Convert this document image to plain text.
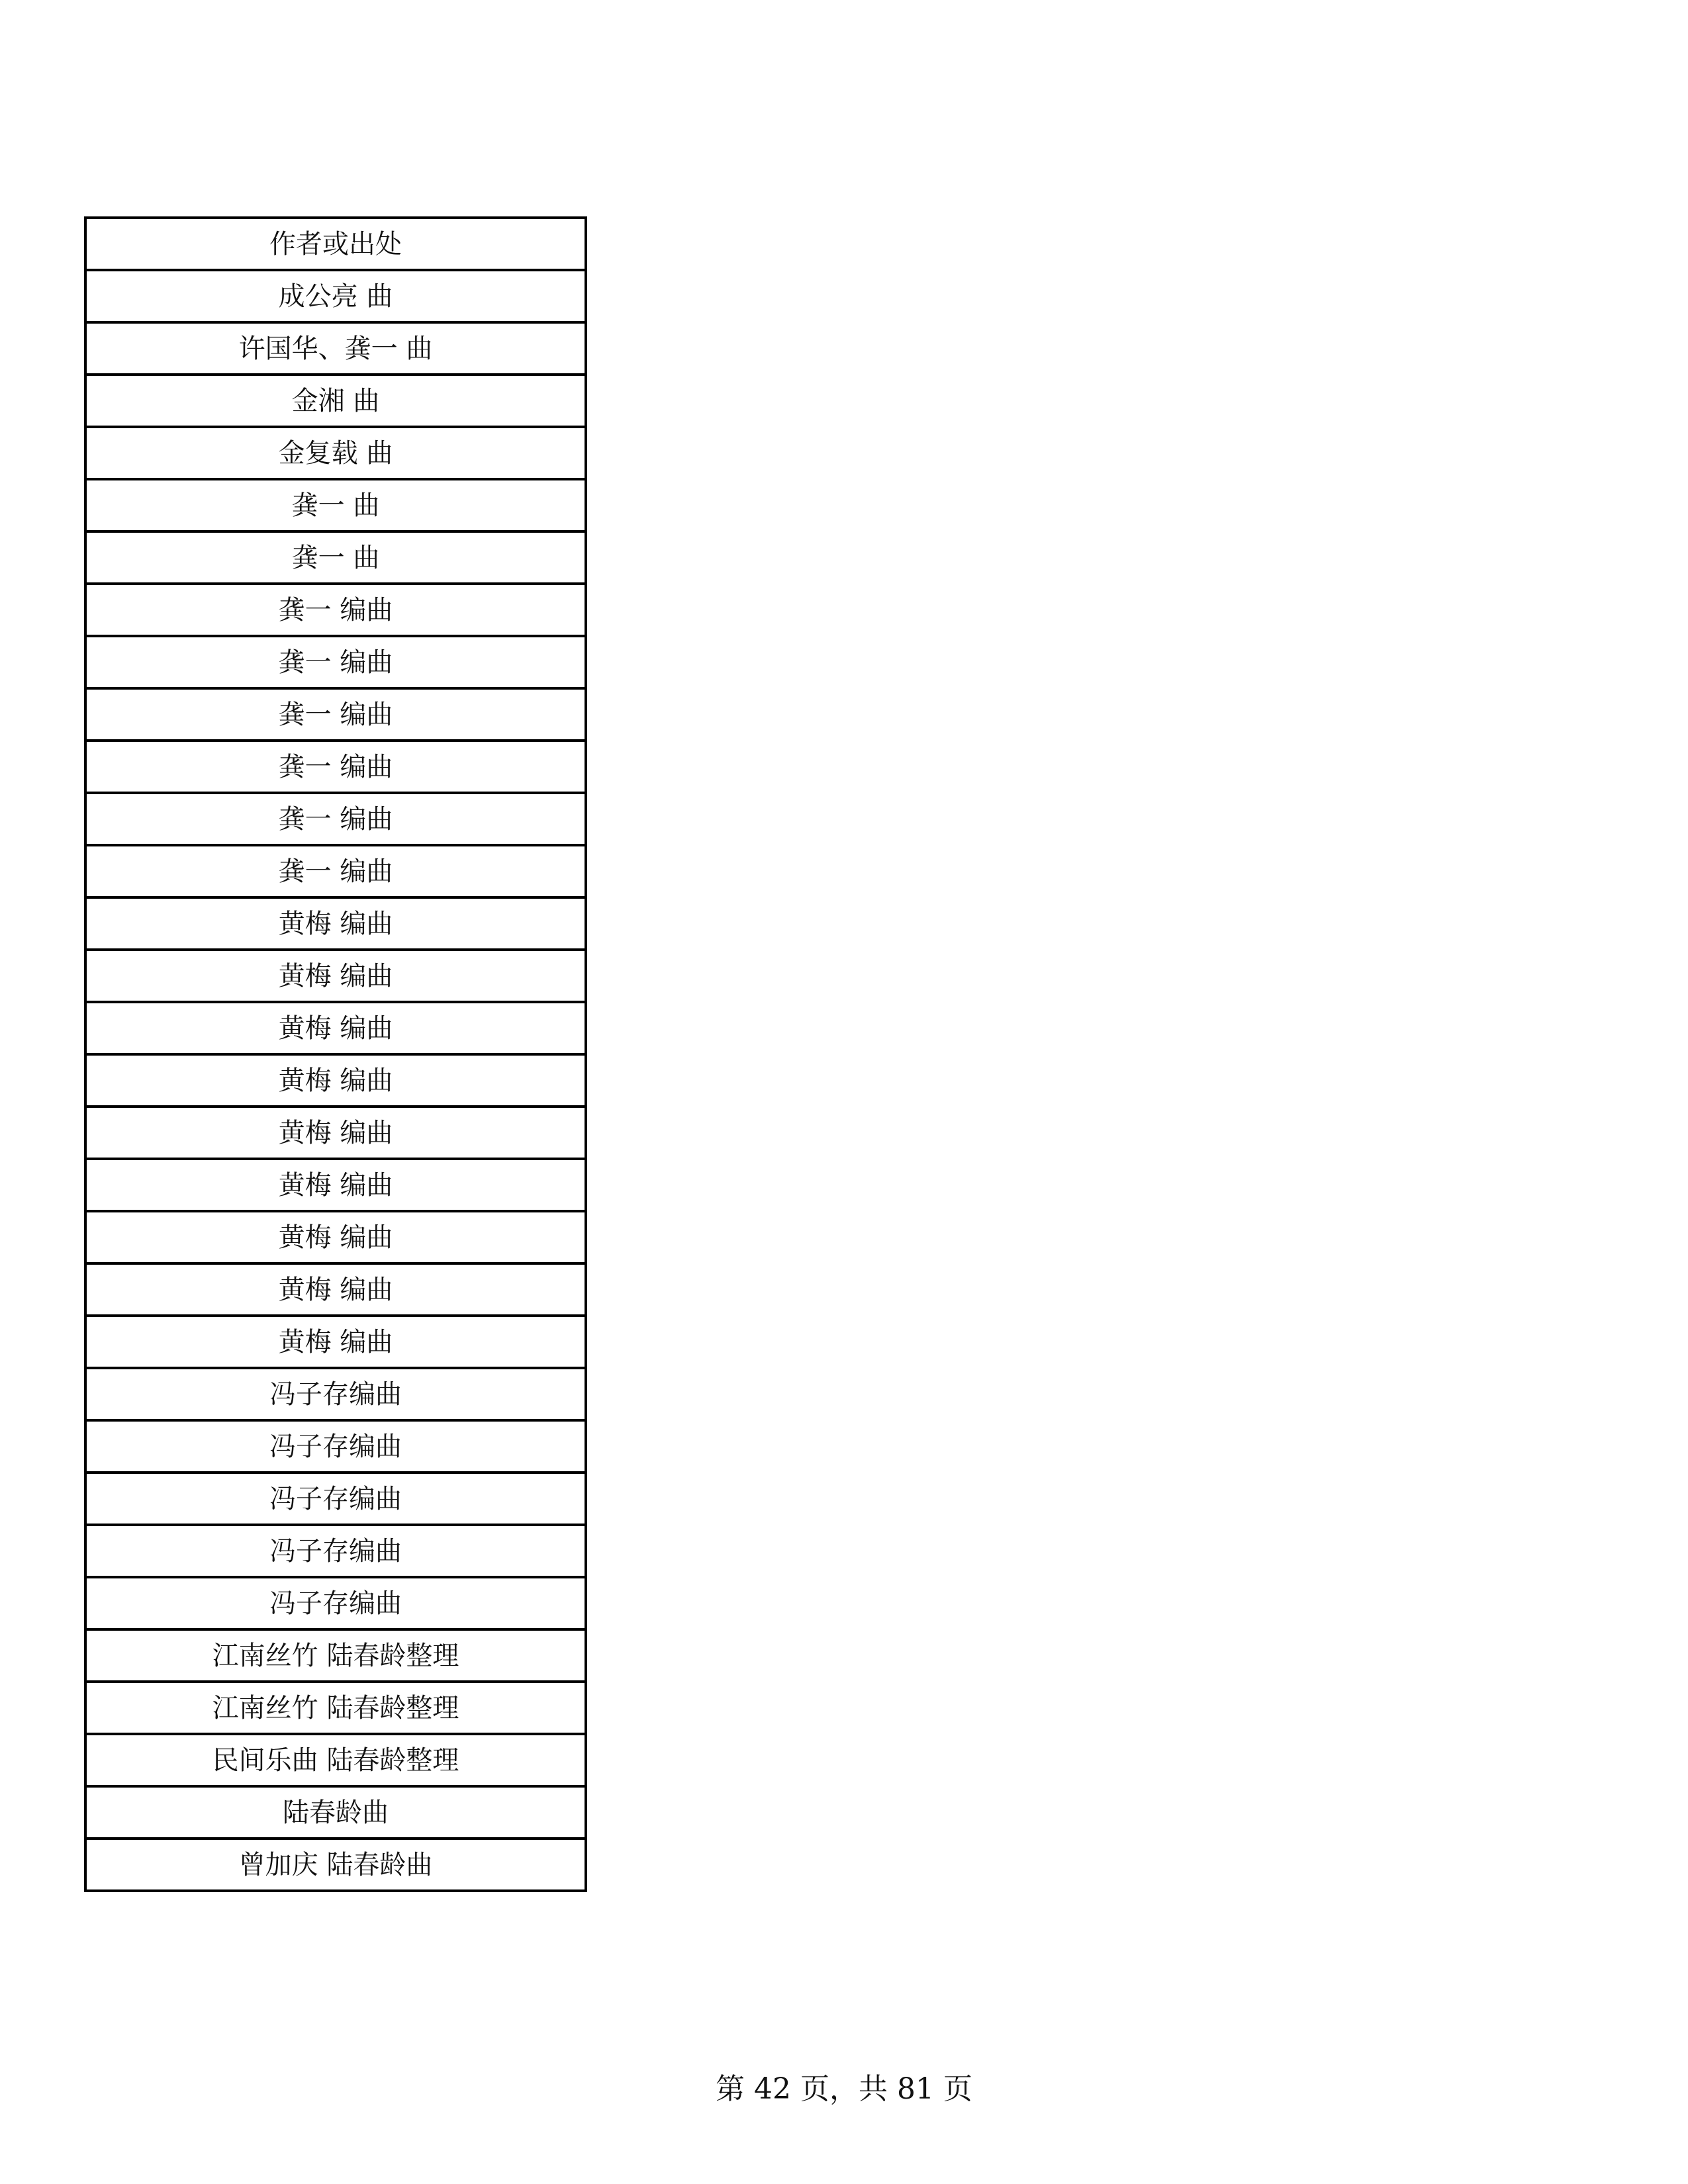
作者或出处
成公亮 曲
许国华、龚一 曲
金湘 曲
金复载 曲
龚一 曲
龚一 曲
龚一 编曲
龚一 编曲
龚一 编曲
龚一 编曲
龚一 编曲
龚一 编曲
黄梅 编曲
黄梅 编曲
黄梅 编曲
黄梅 编曲
黄梅 编曲
黄梅 编曲
黄梅 编曲
黄梅 编曲
黄梅 编曲
冯子存编曲
冯子存编曲
冯子存编曲
冯子存编曲
冯子存编曲
江南丝竹 陆春龄整理
江南丝竹 陆春龄整理
民间乐曲 陆春龄整理
陆春龄曲
曾加庆 陆春龄曲
第 42 页，共 81 页
